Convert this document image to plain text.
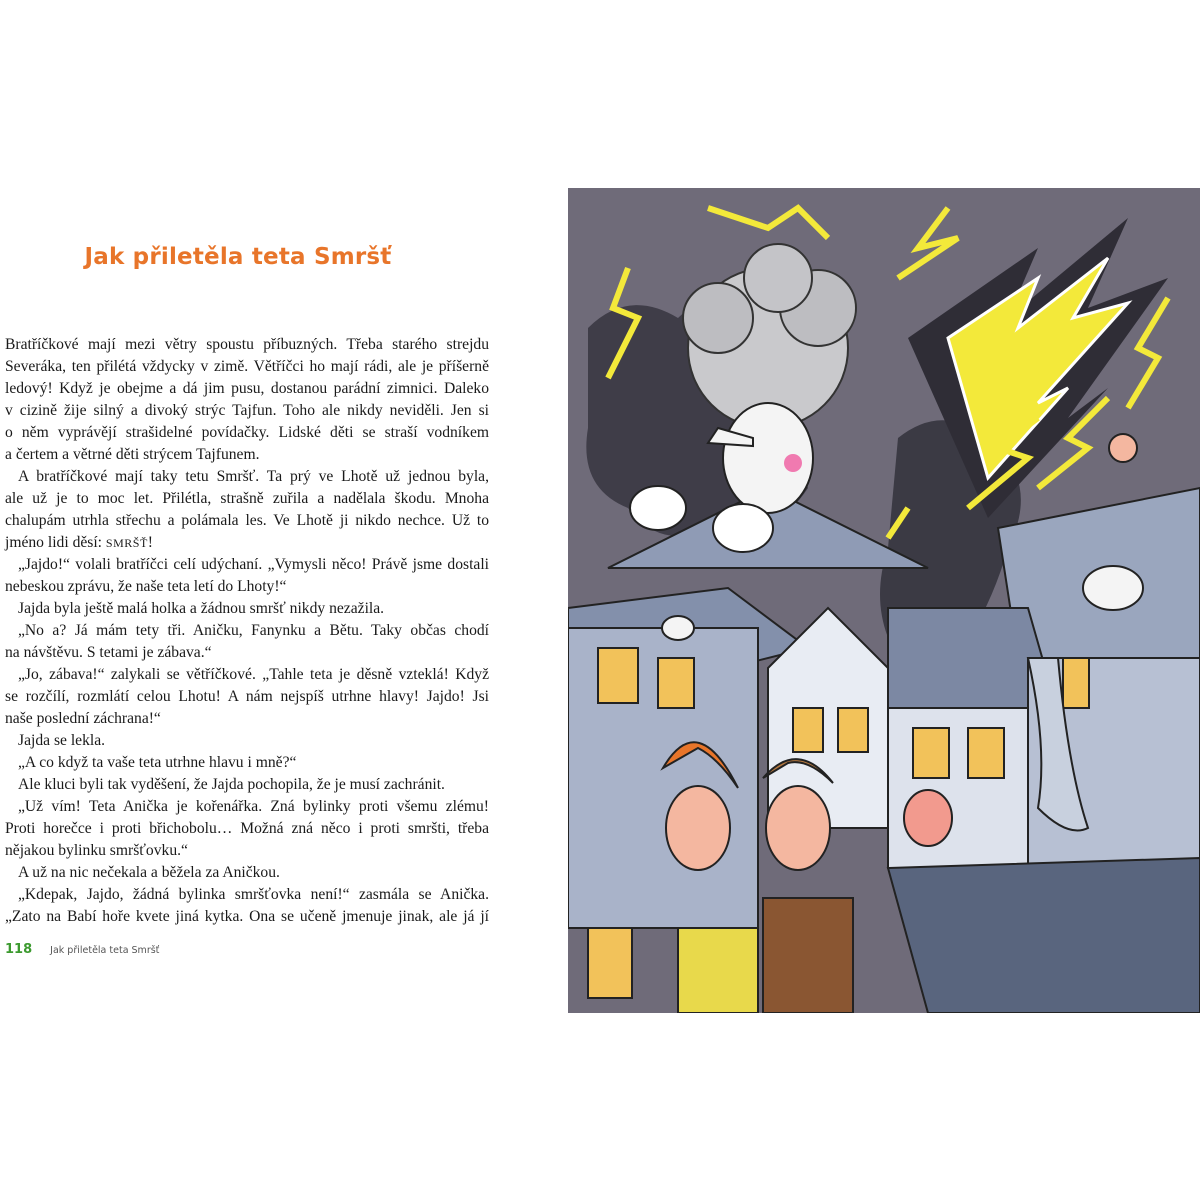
Jak přiletěla teta Smršť
Bratříčkové mají mezi větry spoustu příbuzných. Třeba starého strejdu
Severáka, ten přilétá vždycky v zimě. Větříčci ho mají rádi, ale je příšerně
ledový! Když je obejme a dá jim pusu, dostanou parádní zimnici. Daleko
v cizině žije silný a divoký strýc Tajfun. Toho ale nikdy neviděli. Jen si
o něm vyprávějí strašidelné povídačky. Lidské děti se straší vodníkem
a čertem a větrné děti strýcem Tajfunem.
A bratříčkové mají taky tetu Smršť. Ta prý ve Lhotě už jednou byla,
ale už je to moc let. Přilétla, strašně zuřila a nadělala škodu. Mnoha
chalupám utrhla střechu a polámala les. Ve Lhotě ji nikdo nechce. Už to
jméno lidi děsí: SMRŠŤ!
„Jajdo!“ volali bratříčci celí udýchaní. „Vymysli něco! Právě jsme dostali
nebeskou zprávu, že naše teta letí do Lhoty!“
Jajda byla ještě malá holka a žádnou smršť nikdy nezažila.
„No a? Já mám tety tři. Aničku, Fanynku a Bětu. Taky občas chodí
na návštěvu. S tetami je zábava.“
„Jo, zábava!“ zalykali se větříčkové. „Tahle teta je děsně vzteklá! Když
se rozčílí, rozmlátí celou Lhotu! A nám nejspíš utrhne hlavy! Jajdo! Jsi
naše poslední záchrana!“
Jajda se lekla.
„A co když ta vaše teta utrhne hlavu i mně?“
Ale kluci byli tak vyděšení, že Jajda pochopila, že je musí zachránit.
„Už vím! Teta Anička je kořenářka. Zná bylinky proti všemu zlému!
Proti horečce i proti břichobolu… Možná zná něco i proti smršti, třeba
nějakou bylinku smršťovku.“
A už na nic nečekala a běžela za Aničkou.
„Kdepak, Jajdo, žádná bylinka smršťovka není!“ zasmála se Anička.
„Zato na Babí hoře kvete jiná kytka. Ona se učeně jmenuje jinak, ale já jí
118 Jak přiletěla teta Smršť
